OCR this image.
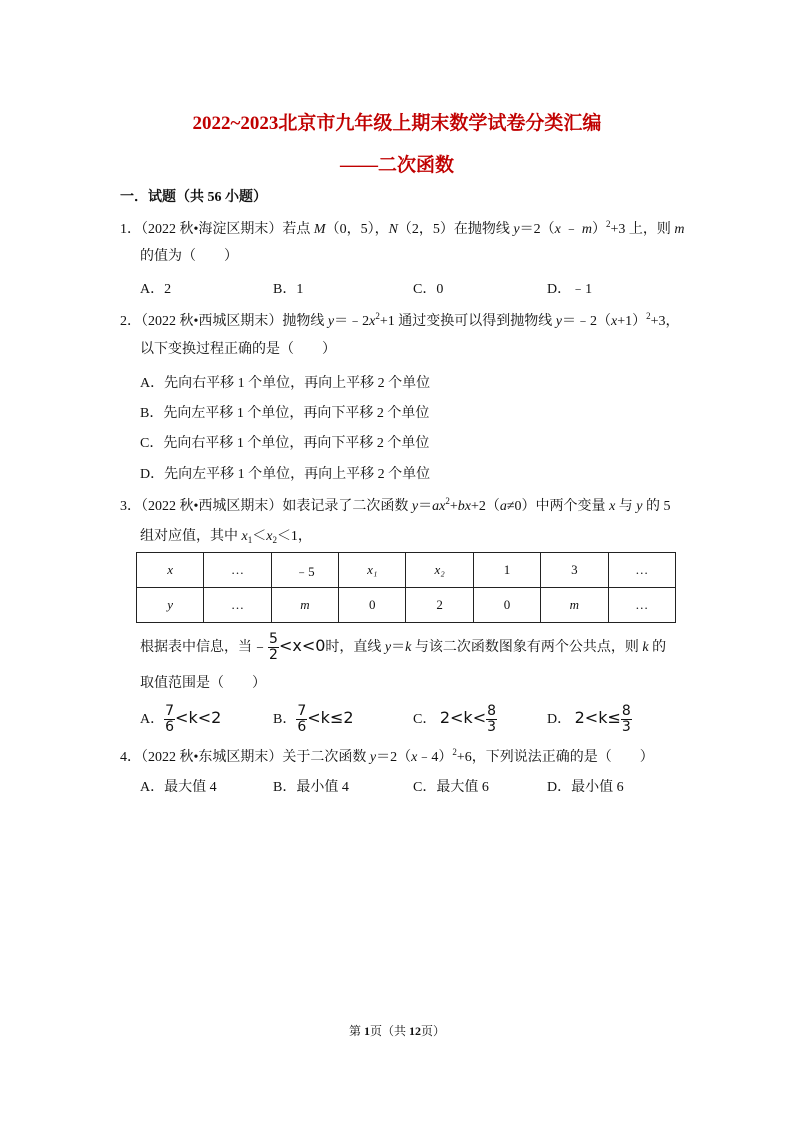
2022~2023北京市九年级上期末数学试卷分类汇编
——二次函数
一．试题（共 56 小题）
1．（2022 秋•海淀区期末）若点 M（0，5），N（2，5）在抛物线 y＝2（x ﹣ m）$^2$+3 上，则 m
的值为（　　）
A．2	B．1	C．0	D．﹣1
2．（2022 秋•西城区期末）抛物线 $y=﹣2x^2+1$ 通过变换可以得到抛物线 $y=﹣2(x+1)^2+3$，
以下变换过程正确的是（　　）
A．先向右平移 1 个单位，再向上平移 2 个单位
B．先向左平移 1 个单位，再向下平移 2 个单位
C．先向右平移 1 个单位，再向下平移 2 个单位
D．先向左平移 1 个单位，再向上平移 2 个单位
3．（2022 秋•西城区期末）如表记录了二次函数 $y=ax^2+bx+2(a\ne 0)$中两个变量 x 与 y 的 5
组对应值，其中 $x_1<x_2<1$，
x	…	﹣5	x₁	x₂	1	3	…
y	…	m	0	2	0	m	…
根据表中信息，当﹣ $\frac{5}{2} <x<0$时，直线 y＝k 与该二次函数图象有两个公共点，则 k 的
取值范围是（　　）
A． $\frac{7}{6} <k<2$	B． $\frac{7}{6} <k\le 2$	C． $2<k< \frac{8}{3}$	D． $2<k\le \frac{8}{3}$
4．（2022 秋•东城区期末）关于二次函数 y＝2（x﹣4）$^2$+6，下列说法正确的是（　　）
A．最大值 4	B．最小值 4	C．最大值 6	D．最小值 6
第 1页（共 12页）
